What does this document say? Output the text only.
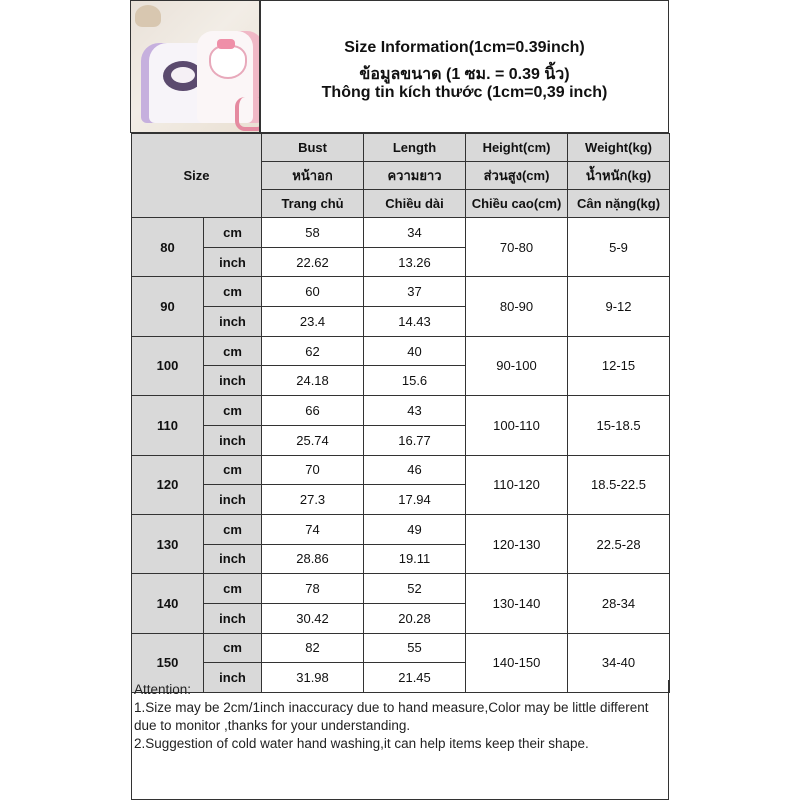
Size Information(1cm=0.39inch)
ข้อมูลขนาด (1 ซม. = 0.39 นิ้ว)
Thông tin kích thước (1cm=0,39 inch)
Size		Bust	Length	Height(cm)	Weight(kg)
		หน้าอก	ความยาว	ส่วนสูง(cm)	น้ำหนัก(kg)
		Trang chủ	Chiều dài	Chiều cao(cm)	Cân nặng(kg)
80	cm	58	34	70-80	5-9
	inch	22.62	13.26		
90	cm	60	37	80-90	9-12
	inch	23.4	14.43		
100	cm	62	40	90-100	12-15
	inch	24.18	15.6		
110	cm	66	43	100-110	15-18.5
	inch	25.74	16.77		
120	cm	70	46	110-120	18.5-22.5
	inch	27.3	17.94		
130	cm	74	49	120-130	22.5-28
	inch	28.86	19.11		
140	cm	78	52	130-140	28-34
	inch	30.42	20.28		
150	cm	82	55	140-150	34-40
	inch	31.98	21.45		

Attention:

1.Size may be 2cm/1inch inaccuracy due to hand measure,Color may be little different due to monitor ,thanks for your understanding.

2.Suggestion of cold water hand washing,it can help items keep their shape.
